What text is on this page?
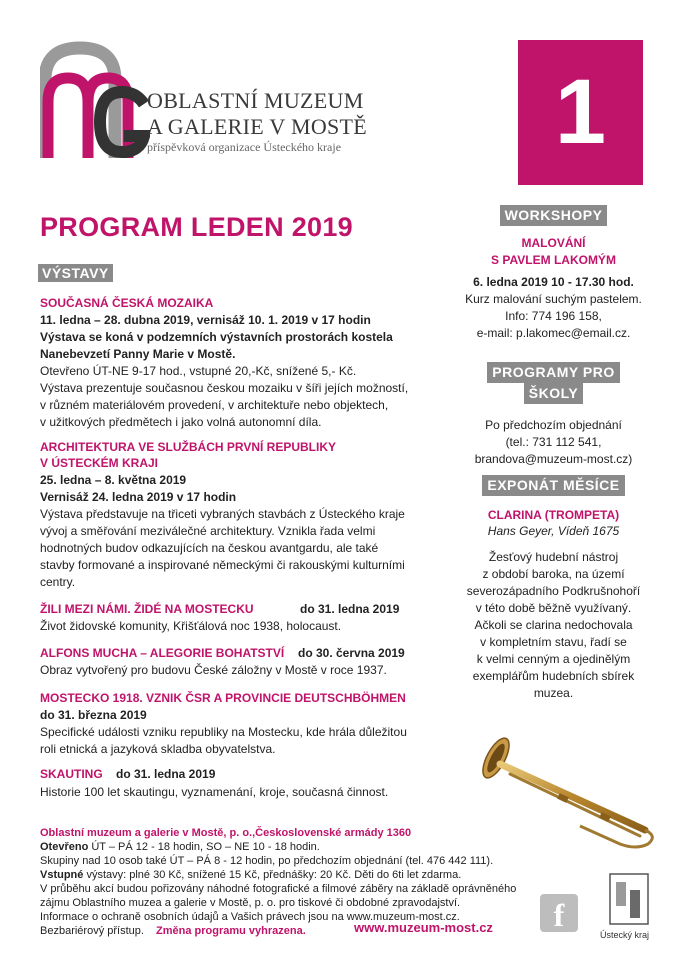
OBLASTNÍ MUZEUM
A GALERIE V MOSTĚ
příspěvková organizace Ústeckého kraje	1
PROGRAM LEDEN 2019
VÝSTAVY
SOUČASNÁ ČESKÁ MOZAIKA
11. ledna – 28. dubna 2019, vernisáž 10. 1. 2019 v 17 hodin
Výstava se koná v podzemních výstavních prostorách kostela
Nanebevzetí Panny Marie v Mostě.
Otevřeno ÚT-NE 9-17 hod., vstupné 20,-Kč, snížené 5,- Kč.
Výstava prezentuje současnou českou mozaiku v šíři jejích možností,
v různém materiálovém provedení, v architektuře nebo objektech,
v užitkových předmětech i jako volná autonomní díla.
ARCHITEKTURA VE SLUŽBÁCH PRVNÍ REPUBLIKY
V ÚSTECKÉM KRAJI
25. ledna – 8. května 2019
Vernisáž 24. ledna 2019 v 17 hodin
Výstava představuje na třiceti vybraných stavbách z Ústeckého kraje
vývoj a směřování meziválečné architektury. Vznikla řada velmi
hodnotných budov odkazujících na českou avantgardu, ale také
stavby formované a inspirované německými či rakouskými kulturními
centry.
ŽILI MEZI NÁMI. ŽIDÉ NA MOSTECKU	do 31. ledna 2019
Život židovské komunity, Křišťálová noc 1938, holocaust.
ALFONS MUCHA – ALEGORIE BOHATSTVÍ do 30. června 2019
Obraz vytvořený pro budovu České záložny v Mostě v roce 1937.
MOSTECKO 1918. VZNIK ČSR A PROVINCIE DEUTSCHBÖHMEN
do 31. března 2019
Specifické události vzniku republiky na Mostecku, kde hrála důležitou
roli etnická a jazyková skladba obyvatelstva.
SKAUTING do 31. ledna 2019
Historie 100 let skautingu, vyznamenání, kroje, současná činnost.
WORKSHOPY
MALOVÁNÍ
S PAVLEM LAKOMÝM
6. ledna 2019 10 - 17.30 hod.
Kurz malování suchým pastelem.
Info: 774 196 158,
e-mail: p.lakomec@email.cz.
PROGRAMY PRO
ŠKOLY
Po předchozím objednání
(tel.: 731 112 541,
brandova@muzeum-most.cz)
EXPONÁT MĚSÍCE
CLARINA (TROMPETA)
Hans Geyer, Vídeň 1675
Žesťový hudební nástroj
z období baroka, na území
severozápadního Podkrušnohoří
v této době běžně využívaný.
Ačkoli se clarina nedochovala
v kompletním stavu, řadí se
k velmi cenným a ojedinělým
exemplářům hudebních sbírek
muzea.
Oblastní muzeum a galerie v Mostě, p. o.,Československé armády 1360
Otevřeno ÚT – PÁ 12 - 18 hodin, SO – NE 10 - 18 hodin.
Skupiny nad 10 osob také ÚT – PÁ 8 - 12 hodin, po předchozím objednání (tel. 476 442 111).
Vstupné výstavy: plné 30 Kč, snížené 15 Kč, přednášky: 20 Kč. Děti do 6ti let zdarma.
V průběhu akcí budou pořizovány náhodné fotografické a filmové záběry na základě oprávněného
zájmu Oblastního muzea a galerie v Mostě, p. o. pro tiskové či obdobné zpravodajství.
Informace o ochraně osobních údajů a Vašich právech jsou na www.muzeum-most.cz.
Bezbariérový přístup. Změna programu vyhrazena.	www.muzeum-most.cz	f
Ústecký kraj
